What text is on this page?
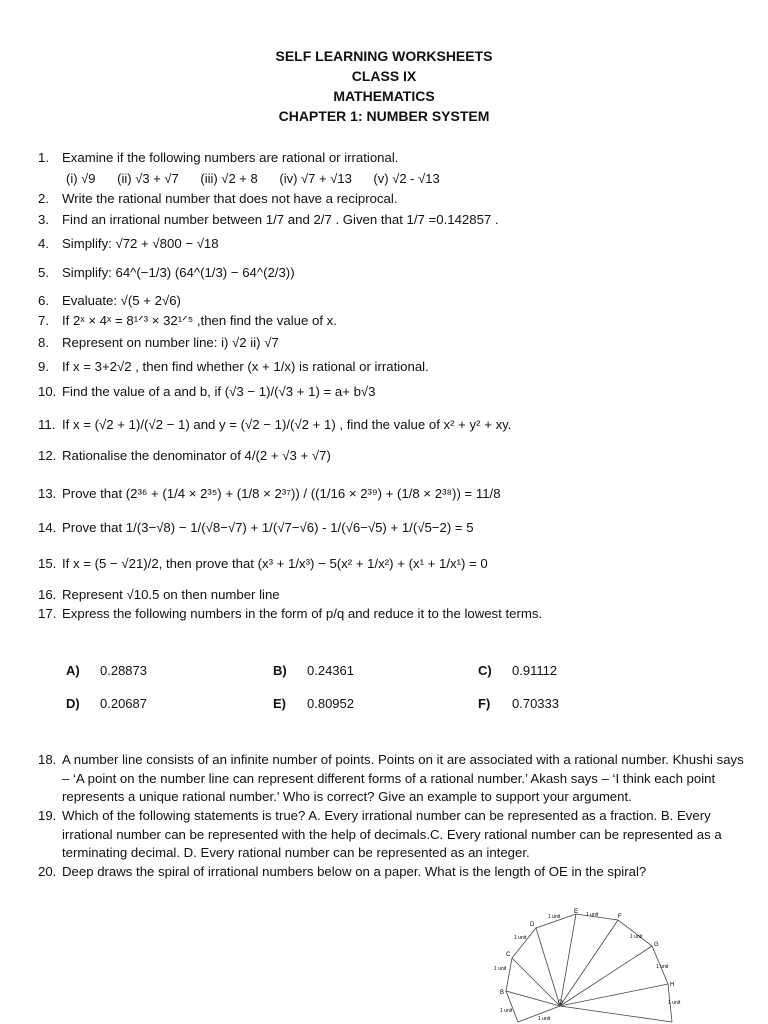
SELF LEARNING WORKSHEETS
CLASS IX
MATHEMATICS
CHAPTER 1: NUMBER SYSTEM
1. Examine if the following numbers are rational or irrational.
(i) √9 (ii) √3 + √7 (iii) √2 + 8 (iv) √7 + √13 (v) √2 - √13
2. Write the rational number that does not have a reciprocal.
3. Find an irrational number between 1/7 and 2/7 . Given that 1/7 =0.142857 .
4. Simplify: √72 + √800 − √18
5. Simplify: 64^(−1/3) (64^(1/3) − 64^(2/3))
6. Evaluate: √(5 + 2√6)
7. If 2ˣ × 4ˣ = 8¹ᐟ³ × 32¹ᐟ⁵ ,then find the value of x.
8. Represent on number line: i) √2 ii) √7
9. If x = 3+2√2 , then find whether (x + 1/x) is rational or irrational.
10. Find the value of a and b, if (√3 − 1)/(√3 + 1) = a+ b√3
11. If x = (√2 + 1)/(√2 − 1) and y = (√2 − 1)/(√2 + 1) , find the value of x² + y² + xy.
12. Rationalise the denominator of 4/(2 + √3 + √7)
13. Prove that (2³⁶ + (1/4 × 2³⁵) + (1/8 × 2³⁷)) / ((1/16 × 2³⁹) + (1/8 × 2³⁸)) = 11/8
14. Prove that 1/(3−√8) − 1/(√8−√7) + 1/(√7−√6) - 1/(√6−√5) + 1/(√5−2) = 5
15. If x = (5 − √21)/2, then prove that (x³ + 1/x³) − 5(x² + 1/x²) + (x¹ + 1/x¹) = 0
16. Represent √10.5 on then number line
17. Express the following numbers in the form of p/q and reduce it to the lowest terms.
A) 0.28873	B) 0.24361	C) 0.91112
D) 0.20687	E) 0.80952	F) 0.70333
18. A number line consists of an infinite number of points. Points on it are associated with a rational number. Khushi says – ‘A point on the number line can represent different forms of a rational number.’ Akash says – ‘I think each point represents a unique rational number.’ Who is correct? Give an example to support your argument.
19. Which of the following statements is true? A. Every irrational number can be represented as a fraction. B. Every irrational number can be represented with the help of decimals.C. Every rational number can be represented as a terminating decimal. D. Every rational number can be represented as an integer.
20. Deep draws the spiral of irrational numbers below on a paper. What is the length of OE in the spiral?
B
C
D
E
F
G
H
O
1 unit
1 unit
1 unit	1 unit
1 unit
1 unit
1 unit
1 unit
1 unit
